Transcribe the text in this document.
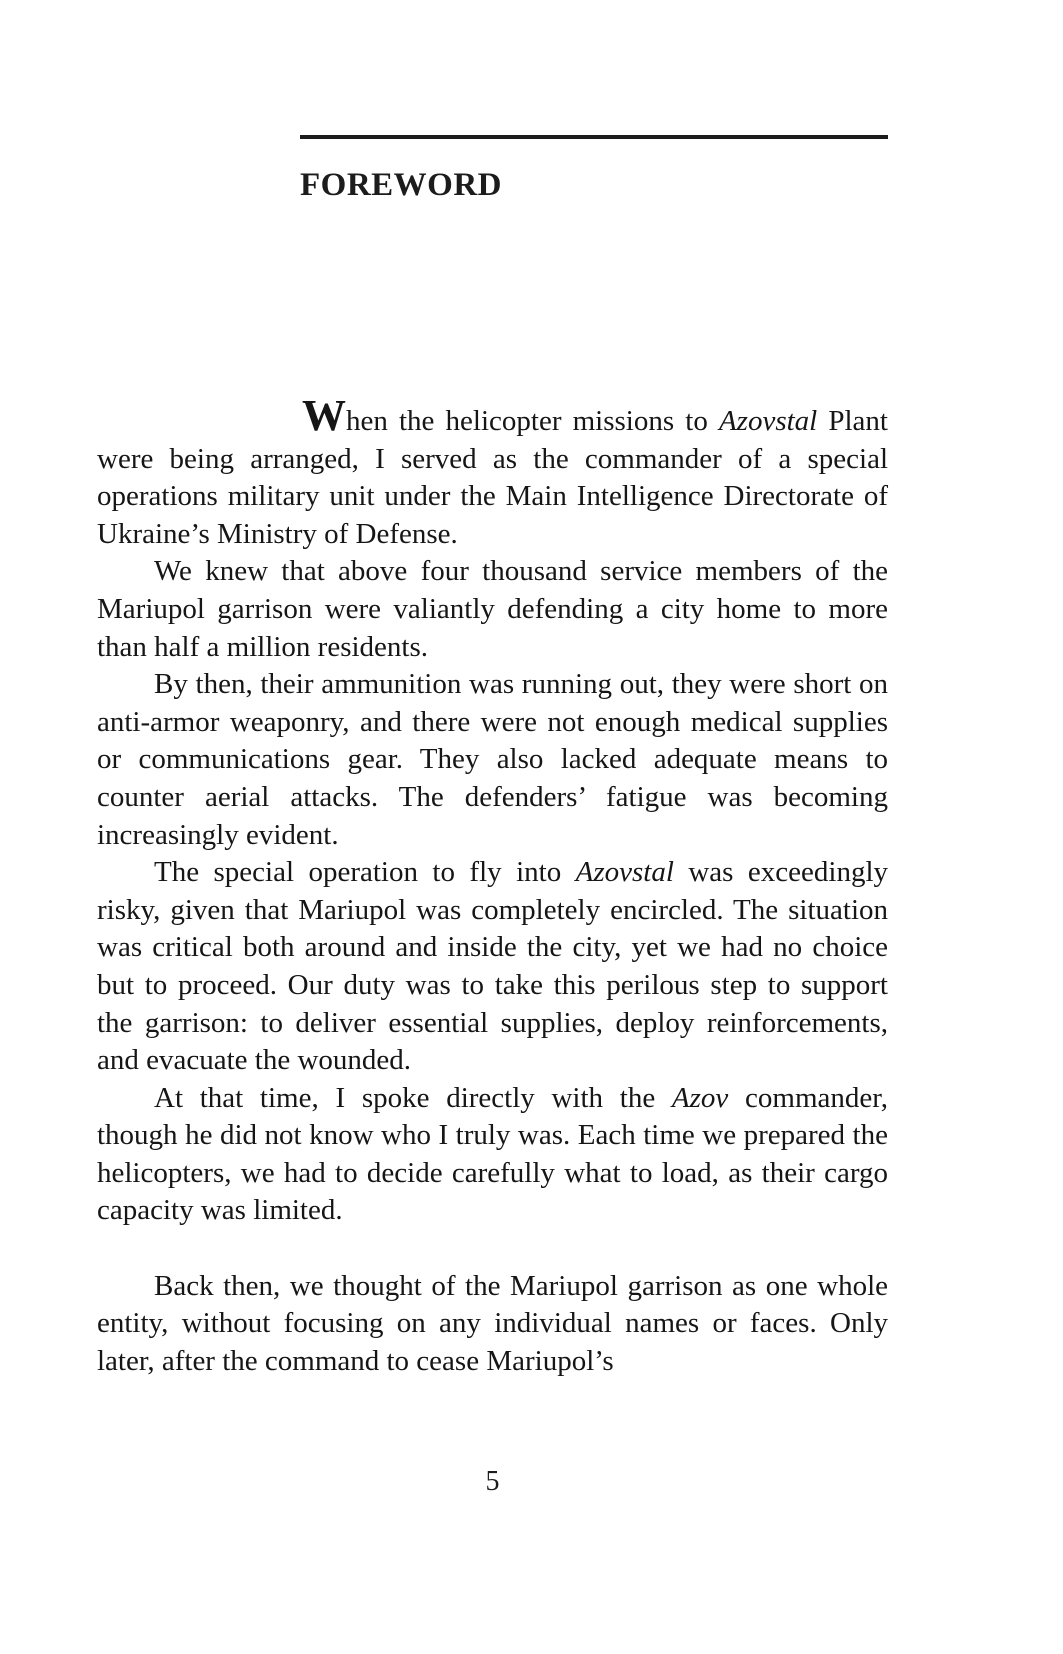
FOREWORD

When the helicopter missions to Azovstal Plant were being arranged, I served as the commander of a special operations military unit under the Main Intelligence Directorate of Ukraine’s Ministry of Defense.

We knew that above four thousand service members of the Mariupol garrison were valiantly defending a city home to more than half a million residents.

By then, their ammunition was running out, they were short on anti-armor weaponry, and there were not enough medical supplies or communications gear. They also lacked adequate means to counter aerial attacks. The defenders’ fatigue was becoming increasingly evident.

The special operation to fly into Azovstal was exceedingly risky, given that Mariupol was completely encircled. The situation was critical both around and inside the city, yet we had no choice but to proceed. Our duty was to take this perilous step to support the garrison: to deliver essential supplies, deploy reinforcements, and evacuate the wounded.

At that time, I spoke directly with the Azov commander, though he did not know who I truly was. Each time we prepared the helicopters, we had to decide carefully what to load, as their cargo capacity was limited.

Back then, we thought of the Mariupol garrison as one whole entity, without focusing on any individual names or faces. Only later, after the command to cease Mariupol’s

5
